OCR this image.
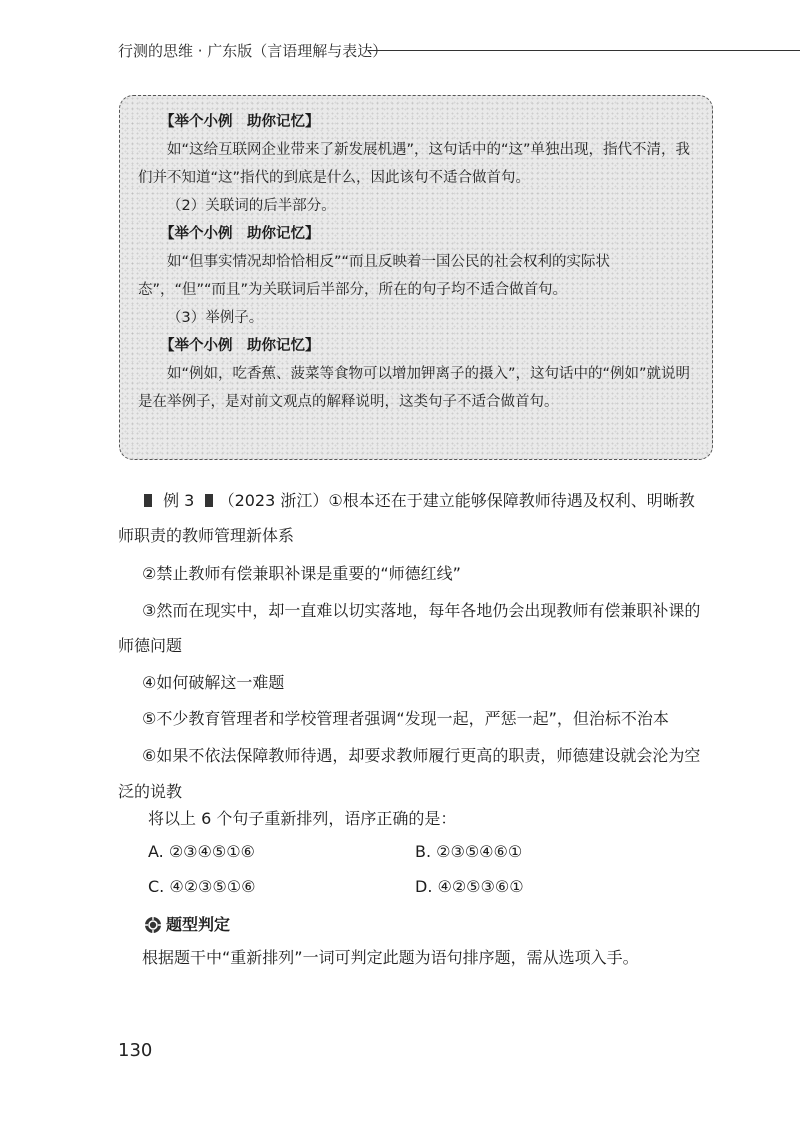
行测的思维 · 广东版（言语理解与表达）
【举个小例　助你记忆】
如“这给互联网企业带来了新发展机遇”，这句话中的“这”单独出现，指代不清，我们并不知道“这”指代的到底是什么，因此该句不适合做首句。
（2）关联词的后半部分。
【举个小例　助你记忆】
如“但事实情况却恰恰相反”“而且反映着一国公民的社会权利的实际状态”，“但”“而且”为关联词后半部分，所在的句子均不适合做首句。
（3）举例子。
【举个小例　助你记忆】
如“例如，吃香蕉、菠菜等食物可以增加钾离子的摄入”，这句话中的“例如”就说明是在举例子，是对前文观点的解释说明，这类句子不适合做首句。
例 3 （2023 浙江）①根本还在于建立能够保障教师待遇及权利、明晰教
师职责的教师管理新体系
②禁止教师有偿兼职补课是重要的“师德红线”
③然而在现实中，却一直难以切实落地，每年各地仍会出现教师有偿兼职补课的
师德问题
④如何破解这一难题
⑤不少教育管理者和学校管理者强调“发现一起，严惩一起”，但治标不治本
⑥如果不依法保障教师待遇，却要求教师履行更高的职责，师德建设就会沦为空
泛的说教
将以上 6 个句子重新排列，语序正确的是：
A. ②③④⑤①⑥	B. ②③⑤④⑥①
C. ④②③⑤①⑥	D. ④②⑤③⑥①
题型判定
根据题干中“重新排列”一词可判定此题为语句排序题，需从选项入手。
130
